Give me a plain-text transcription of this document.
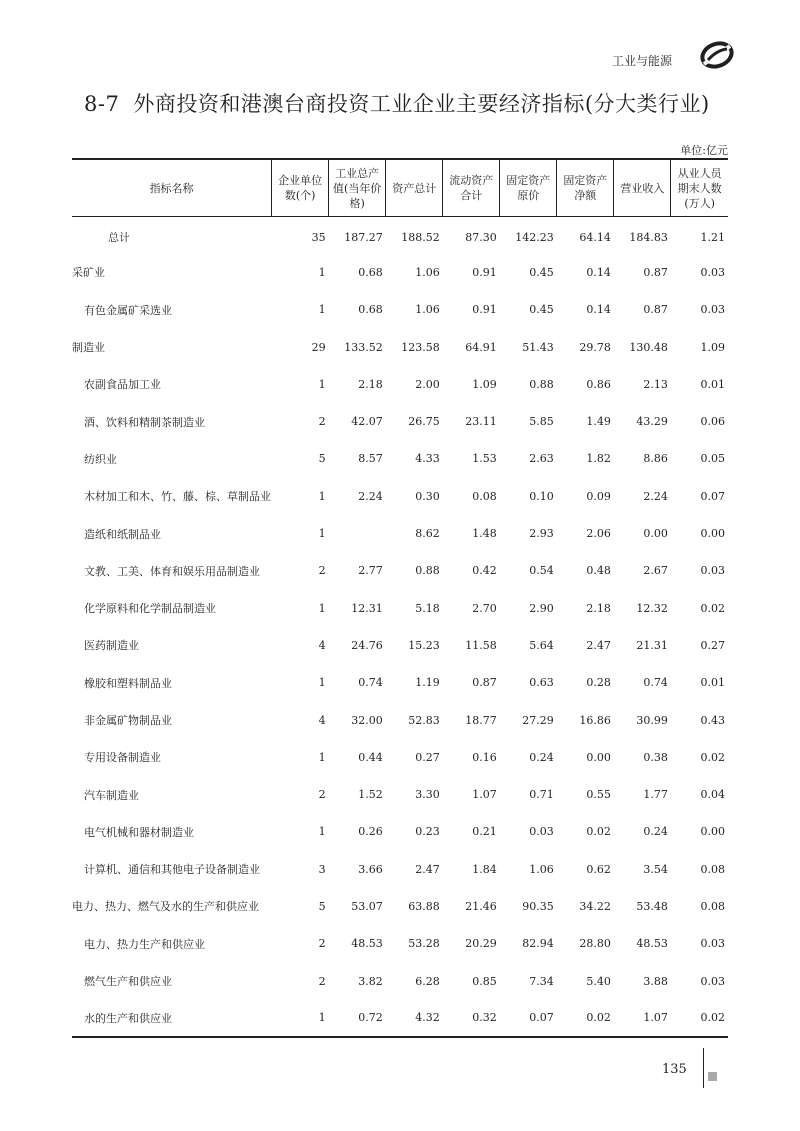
工业与能源
8-7 外商投资和港澳台商投资工业企业主要经济指标(分大类行业)
单位:亿元
指标名称	企业单位数(个)	工业总产值(当年价格)	资产总计	流动资产合计	固定资产原价	固定资产净额	营业收入	从业人员期末人数(万人)
总计	35	187.27	188.52	87.30	142.23	64.14	184.83	1.21
采矿业	1	0.68	1.06	0.91	0.45	0.14	0.87	0.03
有色金属矿采选业	1	0.68	1.06	0.91	0.45	0.14	0.87	0.03
制造业	29	133.52	123.58	64.91	51.43	29.78	130.48	1.09
农副食品加工业	1	2.18	2.00	1.09	0.88	0.86	2.13	0.01
酒、饮料和精制茶制造业	2	42.07	26.75	23.11	5.85	1.49	43.29	0.06
纺织业	5	8.57	4.33	1.53	2.63	1.82	8.86	0.05
木材加工和木、竹、藤、棕、草制品业	1	2.24	0.30	0.08	0.10	0.09	2.24	0.07
造纸和纸制品业	1		8.62	1.48	2.93	2.06	0.00	0.00
文教、工美、体育和娱乐用品制造业	2	2.77	0.88	0.42	0.54	0.48	2.67	0.03
化学原料和化学制品制造业	1	12.31	5.18	2.70	2.90	2.18	12.32	0.02
医药制造业	4	24.76	15.23	11.58	5.64	2.47	21.31	0.27
橡胶和塑料制品业	1	0.74	1.19	0.87	0.63	0.28	0.74	0.01
非金属矿物制品业	4	32.00	52.83	18.77	27.29	16.86	30.99	0.43
专用设备制造业	1	0.44	0.27	0.16	0.24	0.00	0.38	0.02
汽车制造业	2	1.52	3.30	1.07	0.71	0.55	1.77	0.04
电气机械和器材制造业	1	0.26	0.23	0.21	0.03	0.02	0.24	0.00
计算机、通信和其他电子设备制造业	3	3.66	2.47	1.84	1.06	0.62	3.54	0.08
电力、热力、燃气及水的生产和供应业	5	53.07	63.88	21.46	90.35	34.22	53.48	0.08
电力、热力生产和供应业	2	48.53	53.28	20.29	82.94	28.80	48.53	0.03
燃气生产和供应业	2	3.82	6.28	0.85	7.34	5.40	3.88	0.03
水的生产和供应业	1	0.72	4.32	0.32	0.07	0.02	1.07	0.02
135
